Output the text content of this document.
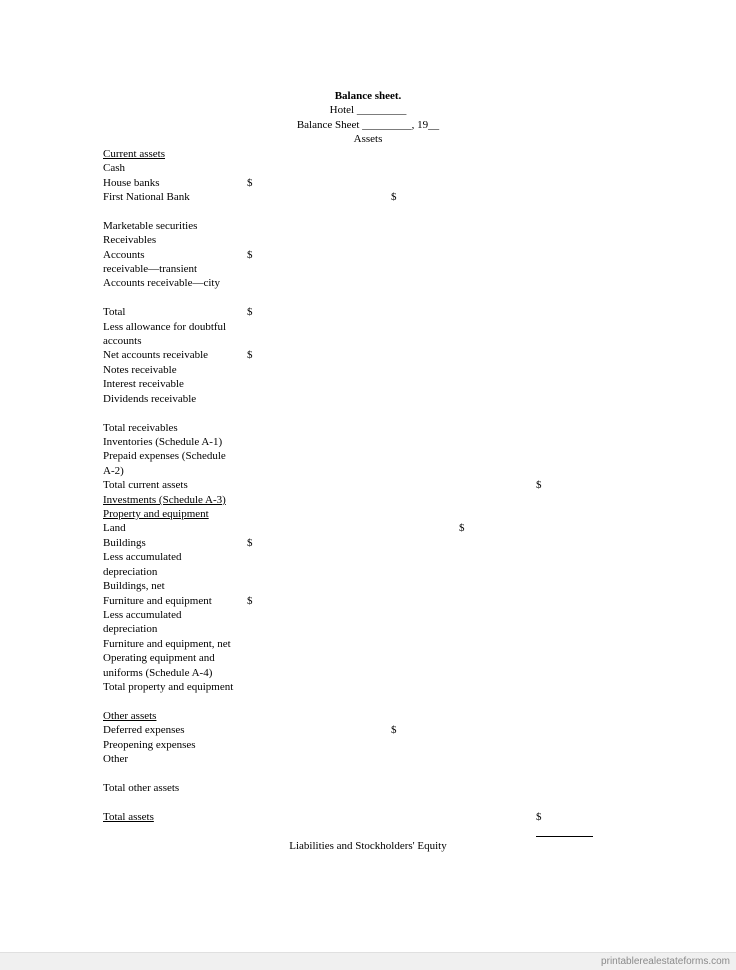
Balance sheet.
Hotel _________
Balance Sheet _________, 19__
Assets
Current assets
Cash
House banks
First National Bank
Marketable securities
Receivables
Accounts
receivable—transient
Accounts receivable—city
Total
Less allowance for doubtful
accounts
Net accounts receivable
Notes receivable
Interest receivable
Dividends receivable
Total receivables
Inventories (Schedule A-1)
Prepaid expenses (Schedule
A-2)
Total current assets
Investments (Schedule A-3)
Property and equipment
Land
Buildings
Less accumulated
depreciation
Buildings, net
Furniture and equipment
Less accumulated
depreciation
Furniture and equipment, net
Operating equipment and
uniforms (Schedule A-4)
Total property and equipment
Other assets
Deferred expenses
Preopening expenses
Other
Total other assets
Total assets
$
$
$
$
$
$
$
$
$
$
$
Liabilities and Stockholders' Equity
printablerealestateforms.com
